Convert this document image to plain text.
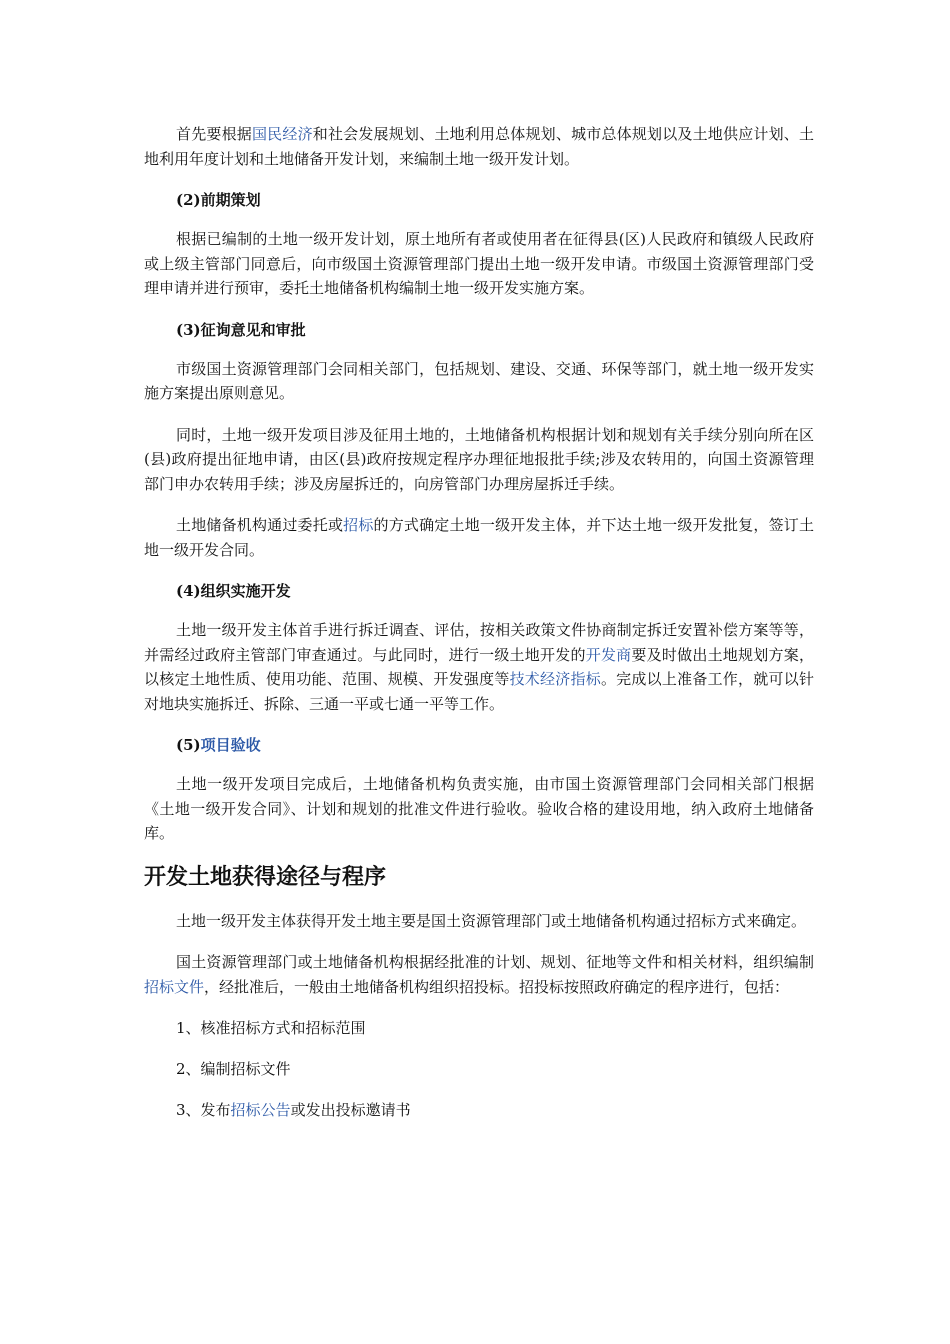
首先要根据国民经济和社会发展规划、土地利用总体规划、城市总体规划以及土地供应计划、土地利用年度计划和土地储备开发计划，来编制土地一级开发计划。

(2)前期策划

根据已编制的土地一级开发计划，原土地所有者或使用者在征得县(区)人民政府和镇级人民政府或上级主管部门同意后，向市级国土资源管理部门提出土地一级开发申请。市级国土资源管理部门受理申请并进行预审，委托土地储备机构编制土地一级开发实施方案。

(3)征询意见和审批

市级国土资源管理部门会同相关部门，包括规划、建设、交通、环保等部门，就土地一级开发实施方案提出原则意见。

同时，土地一级开发项目涉及征用土地的，土地储备机构根据计划和规划有关手续分别向所在区(县)政府提出征地申请，由区(县)政府按规定程序办理征地报批手续;涉及农转用的，向国土资源管理部门申办农转用手续；涉及房屋拆迁的，向房管部门办理房屋拆迁手续。

土地储备机构通过委托或招标的方式确定土地一级开发主体，并下达土地一级开发批复，签订土地一级开发合同。

(4)组织实施开发

土地一级开发主体首手进行拆迁调查、评估，按相关政策文件协商制定拆迁安置补偿方案等等，并需经过政府主管部门审查通过。与此同时，进行一级土地开发的开发商要及时做出土地规划方案，以核定土地性质、使用功能、范围、规模、开发强度等技术经济指标。完成以上准备工作，就可以针对地块实施拆迁、拆除、三通一平或七通一平等工作。

(5)项目验收

土地一级开发项目完成后，土地储备机构负责实施，由市国土资源管理部门会同相关部门根据《土地一级开发合同》、计划和规划的批准文件进行验收。验收合格的建设用地，纳入政府土地储备库。

开发土地获得途径与程序

土地一级开发主体获得开发土地主要是国土资源管理部门或土地储备机构通过招标方式来确定。

国土资源管理部门或土地储备机构根据经批准的计划、规划、征地等文件和相关材料，组织编制招标文件，经批准后，一般由土地储备机构组织招投标。招投标按照政府确定的程序进行，包括：

1、核准招标方式和招标范围

2、编制招标文件

3、发布招标公告或发出投标邀请书
